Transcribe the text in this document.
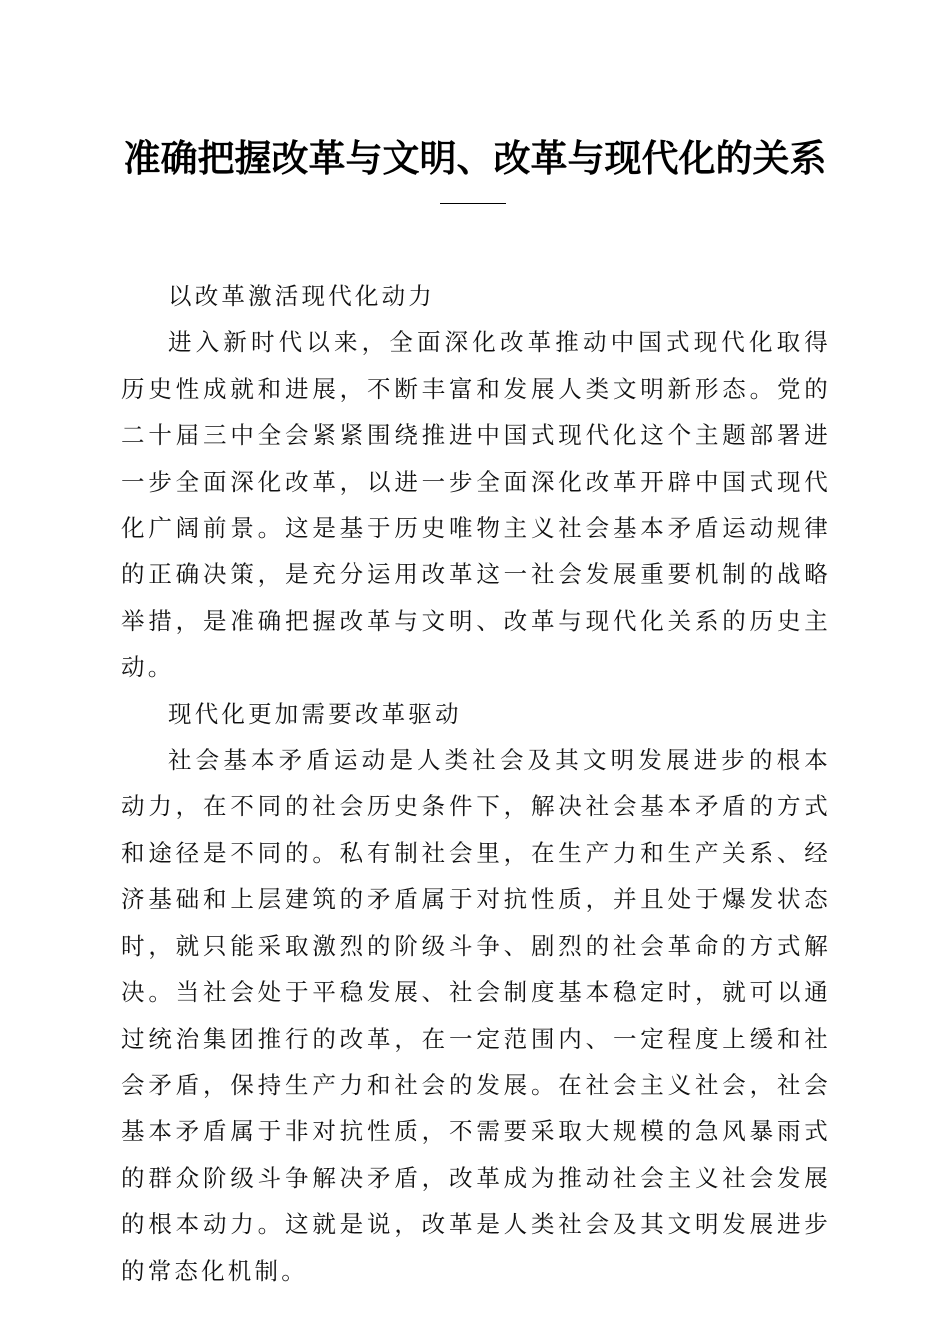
准确把握改革与文明、改革与现代化的关系

以改革激活现代化动力

进入新时代以来，全面深化改革推动中国式现代化取得历史性成就和进展，不断丰富和发展人类文明新形态。党的二十届三中全会紧紧围绕推进中国式现代化这个主题部署进一步全面深化改革，以进一步全面深化改革开辟中国式现代化广阔前景。这是基于历史唯物主义社会基本矛盾运动规律的正确决策，是充分运用改革这一社会发展重要机制的战略举措，是准确把握改革与文明、改革与现代化关系的历史主动。

现代化更加需要改革驱动

社会基本矛盾运动是人类社会及其文明发展进步的根本动力，在不同的社会历史条件下，解决社会基本矛盾的方式和途径是不同的。私有制社会里，在生产力和生产关系、经济基础和上层建筑的矛盾属于对抗性质，并且处于爆发状态时，就只能采取激烈的阶级斗争、剧烈的社会革命的方式解决。当社会处于平稳发展、社会制度基本稳定时，就可以通过统治集团推行的改革，在一定范围内、一定程度上缓和社会矛盾，保持生产力和社会的发展。在社会主义社会，社会基本矛盾属于非对抗性质，不需要采取大规模的急风暴雨式的群众阶级斗争解决矛盾，改革成为推动社会主义社会发展的根本动力。这就是说，改革是人类社会及其文明发展进步的常态化机制。
